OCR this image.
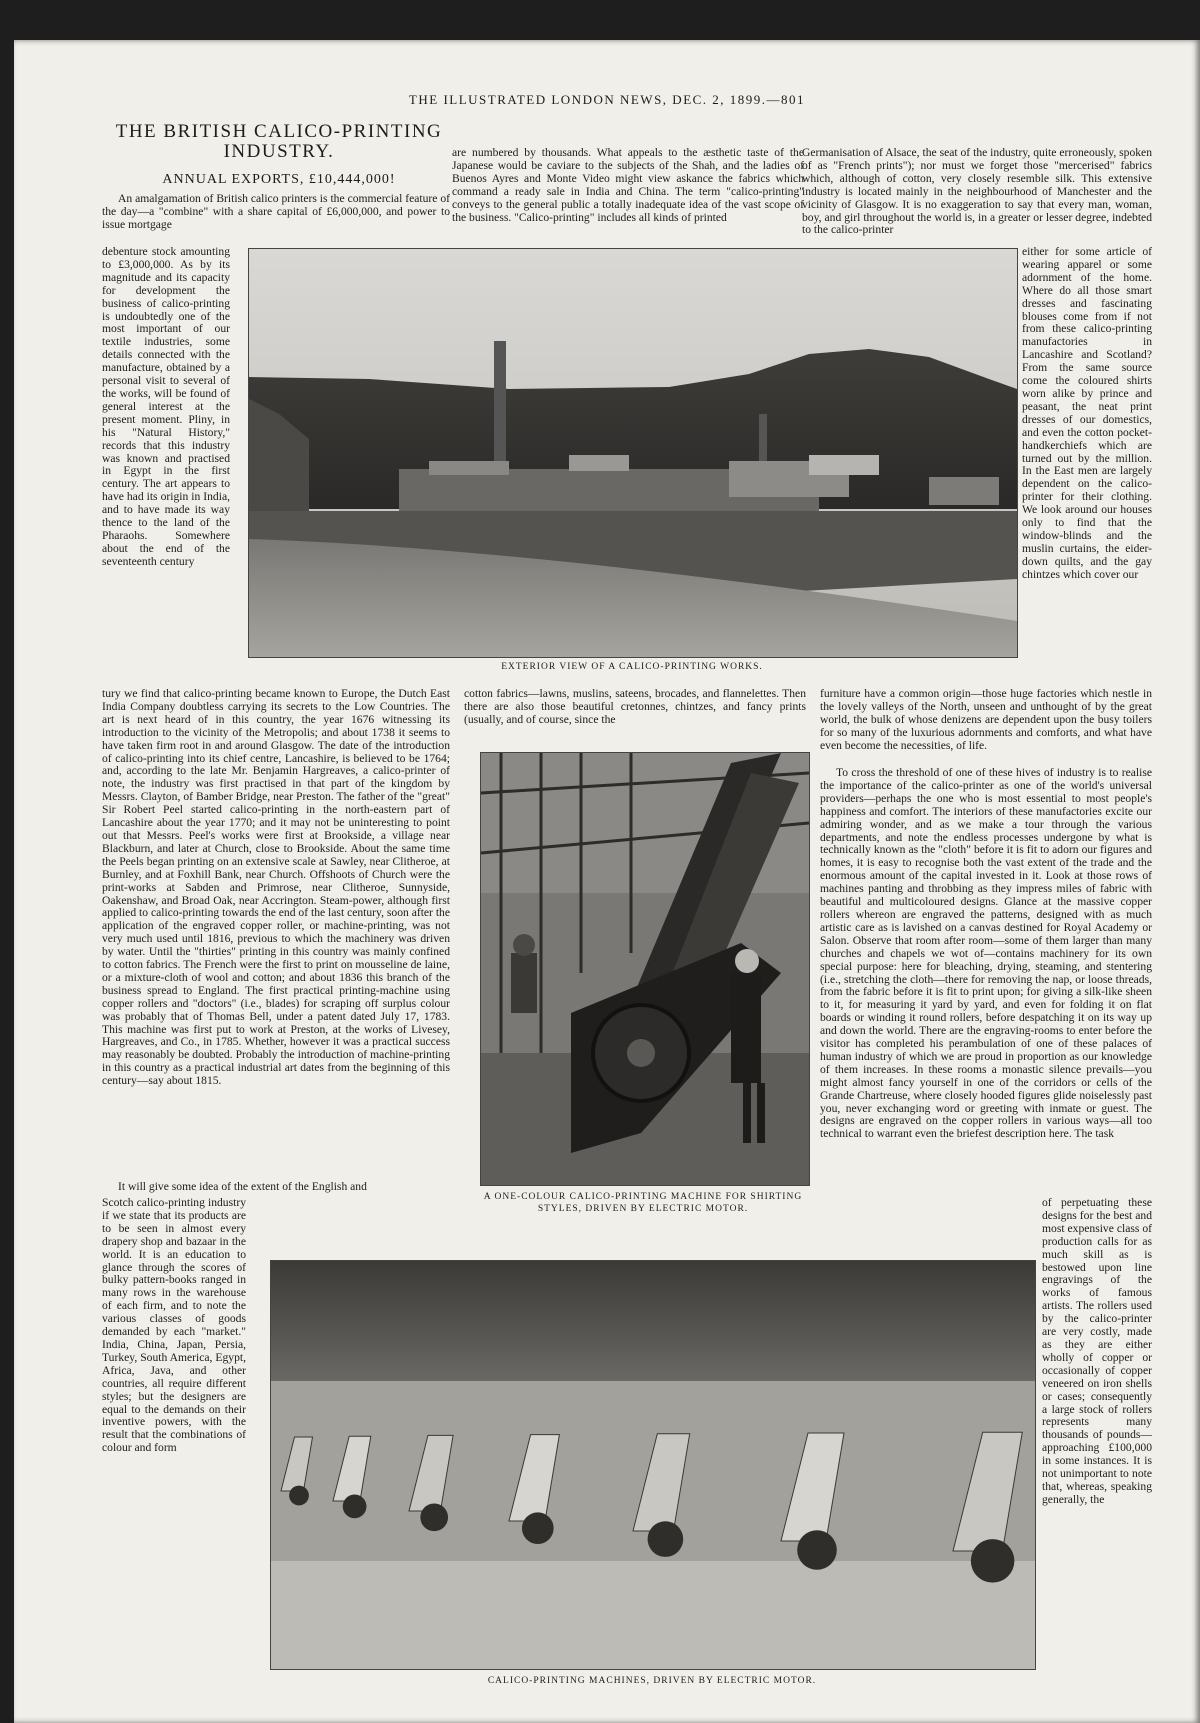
THE ILLUSTRATED LONDON NEWS, DEC. 2, 1899.—801
THE BRITISH CALICO-PRINTING INDUSTRY.
ANNUAL EXPORTS, £10,444,000!

An amalgamation of British calico printers is the commercial feature of the day—a "combine" with a share capital of £6,000,000, and power to issue mortgage

are numbered by thousands. What appeals to the æsthetic taste of the Japanese would be caviare to the subjects of the Shah, and the ladies of Buenos Ayres and Monte Video might view askance the fabrics which command a ready sale in India and China. The term "calico-printing" conveys to the general public a totally inadequate idea of the vast scope of the business. "Calico-printing" includes all kinds of printed

Germanisation of Alsace, the seat of the industry, quite erroneously, spoken of as "French prints"); nor must we forget those "mercerised" fabrics which, although of cotton, very closely resemble silk. This extensive industry is located mainly in the neighbourhood of Manchester and the vicinity of Glasgow. It is no exaggeration to say that every man, woman, boy, and girl throughout the world is, in a greater or lesser degree, indebted to the calico-printer

debenture stock amounting to £3,000,000. As by its magnitude and its capacity for development the business of calico-printing is undoubtedly one of the most important of our textile industries, some details connected with the manufacture, obtained by a personal visit to several of the works, will be found of general interest at the present moment. Pliny, in his "Natural History," records that this industry was known and practised in Egypt in the first century. The art appears to have had its origin in India, and to have made its way thence to the land of the Pharaohs. Somewhere about the end of the seventeenth century
EXTERIOR VIEW OF A CALICO-PRINTING WORKS.
either for some article of wearing apparel or some adornment of the home. Where do all those smart dresses and fascinating blouses come from if not from these calico-printing manufactories in Lancashire and Scotland? From the same source come the coloured shirts worn alike by prince and peasant, the neat print dresses of our domestics, and even the cotton pocket-handkerchiefs which are turned out by the million. In the East men are largely dependent on the calico-printer for their clothing. We look around our houses only to find that the window-blinds and the muslin curtains, the eider-down quilts, and the gay chintzes which cover our

tury we find that calico-printing became known to Europe, the Dutch East India Company doubtless carrying its secrets to the Low Countries. The art is next heard of in this country, the year 1676 witnessing its introduction to the vicinity of the Metropolis; and about 1738 it seems to have taken firm root in and around Glasgow. The date of the introduction of calico-printing into its chief centre, Lancashire, is believed to be 1764; and, according to the late Mr. Benjamin Hargreaves, a calico-printer of note, the industry was first practised in that part of the kingdom by Messrs. Clayton, of Bamber Bridge, near Preston. The father of the "great" Sir Robert Peel started calico-printing in the north-eastern part of Lancashire about the year 1770; and it may not be uninteresting to point out that Messrs. Peel's works were first at Brookside, a village near Blackburn, and later at Church, close to Brookside. About the same time the Peels began printing on an extensive scale at Sawley, near Clitheroe, at Burnley, and at Foxhill Bank, near Church. Offshoots of Church were the print-works at Sabden and Primrose, near Clitheroe, Sunnyside, Oakenshaw, and Broad Oak, near Accrington. Steam-power, although first applied to calico-printing towards the end of the last century, soon after the application of the engraved copper roller, or machine-printing, was not very much used until 1816, previous to which the machinery was driven by water. Until the "thirties" printing in this country was mainly confined to cotton fabrics. The French were the first to print on mousseline de laine, or a mixture-cloth of wool and cotton; and about 1836 this branch of the business spread to England. The first practical printing-machine using copper rollers and "doctors" (i.e., blades) for scraping off surplus colour was probably that of Thomas Bell, under a patent dated July 17, 1783. This machine was first put to work at Preston, at the works of Livesey, Hargreaves, and Co., in 1785. Whether, however it was a practical success may reasonably be doubted. Probably the introduction of machine-printing in this country as a practical industrial art dates from the beginning of this century—say about 1815.

It will give some idea of the extent of the English and

cotton fabrics—lawns, muslins, sateens, brocades, and flannelettes. Then there are also those beautiful cretonnes, chintzes, and fancy prints (usually, and of course, since the

A ONE-COLOUR CALICO-PRINTING MACHINE FOR SHIRTING
STYLES, DRIVEN BY ELECTRIC MOTOR.

furniture have a common origin—those huge factories which nestle in the lovely valleys of the North, unseen and unthought of by the great world, the bulk of whose denizens are dependent upon the busy toilers for so many of the luxurious adornments and comforts, and what have even become the necessities, of life.

To cross the threshold of one of these hives of industry is to realise the importance of the calico-printer as one of the world's universal providers—perhaps the one who is most essential to most people's happiness and comfort. The interiors of these manufactories excite our admiring wonder, and as we make a tour through the various departments, and note the endless processes undergone by what is technically known as the "cloth" before it is fit to adorn our figures and homes, it is easy to recognise both the vast extent of the trade and the enormous amount of the capital invested in it. Look at those rows of machines panting and throbbing as they impress miles of fabric with beautiful and multicoloured designs. Glance at the massive copper rollers whereon are engraved the patterns, designed with as much artistic care as is lavished on a canvas destined for Royal Academy or Salon. Observe that room after room—some of them larger than many churches and chapels we wot of—contains machinery for its own special purpose: here for bleaching, drying, steaming, and stentering (i.e., stretching the cloth—there for removing the nap, or loose threads, from the fabric before it is fit to print upon; for giving a silk-like sheen to it, for measuring it yard by yard, and even for folding it on flat boards or winding it round rollers, before despatching it on its way up and down the world. There are the engraving-rooms to enter before the visitor has completed his perambulation of one of these palaces of human industry of which we are proud in proportion as our knowledge of them increases. In these rooms a monastic silence prevails—you might almost fancy yourself in one of the corridors or cells of the Grande Chartreuse, where closely hooded figures glide noiselessly past you, never exchanging word or greeting with inmate or guest. The designs are engraved on the copper rollers in various ways—all too technical to warrant even the briefest description here. The task

Scotch calico-printing industry if we state that its products are to be seen in almost every drapery shop and bazaar in the world. It is an education to glance through the scores of bulky pattern-books ranged in many rows in the warehouse of each firm, and to note the various classes of goods demanded by each "market." India, China, Japan, Persia, Turkey, South America, Egypt, Africa, Java, and other countries, all require different styles; but the designers are equal to the demands on their inventive powers, with the result that the combinations of colour and form
CALICO-PRINTING MACHINES, DRIVEN BY ELECTRIC MOTOR.
of perpetuating these designs for the best and most expensive class of production calls for as much skill as is bestowed upon line engravings of the works of famous artists. The rollers used by the calico-printer are very costly, made as they are either wholly of copper or occasionally of copper veneered on iron shells or cases; consequently a large stock of rollers represents many thousands of pounds—approaching £100,000 in some instances. It is not unimportant to note that, whereas, speaking generally, the
